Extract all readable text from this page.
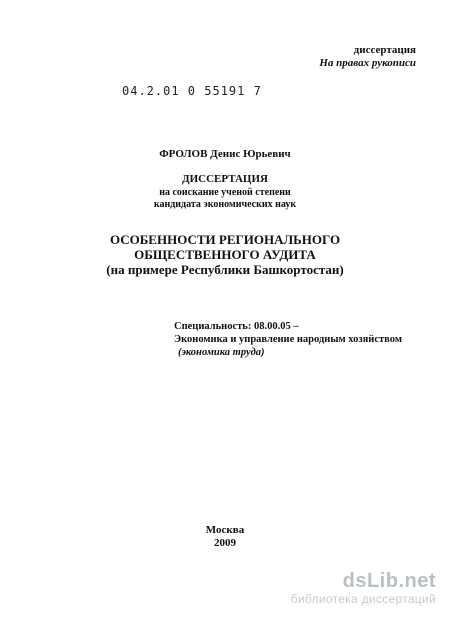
диссертация
На правах рукописи
04.2.01 0 55191 7
ФРОЛОВ Денис Юрьевич
ДИССЕРТАЦИЯ
на соискание ученой степени
кандидата экономических наук
ОСОБЕННОСТИ РЕГИОНАЛЬНОГО
ОБЩЕСТВЕННОГО АУДИТА
(на примере Республики Башкортостан)
Специальность: 08.00.05 –
Экономика и управление народным хозяйством
(экономика труда)
Москва
2009
dsLib.net
библиотека диссертаций
